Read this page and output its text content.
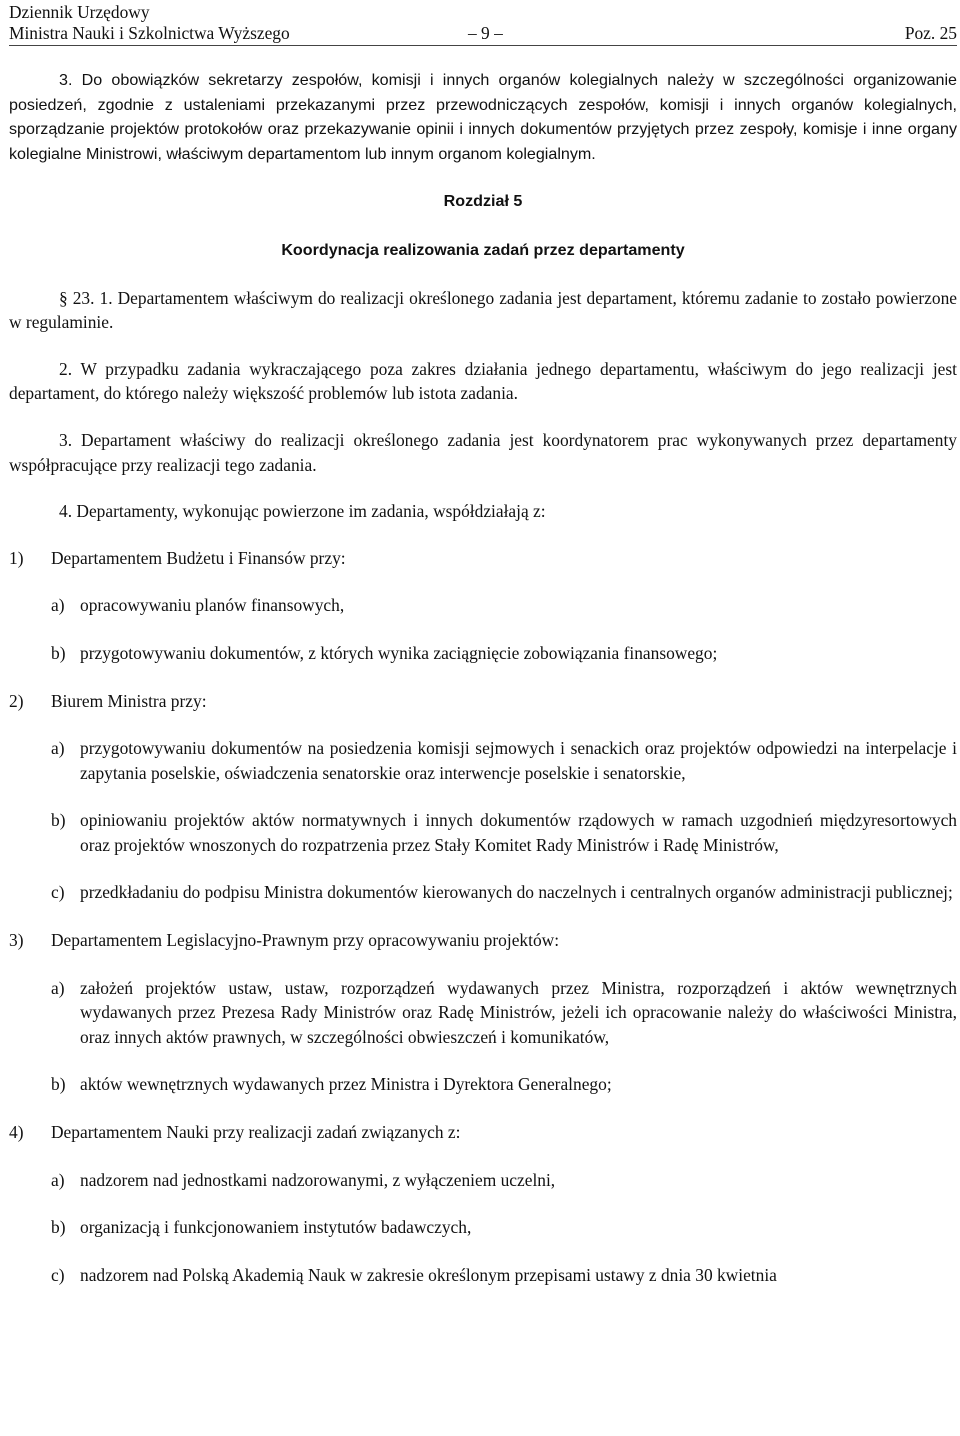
Dziennik Urzędowy
Ministra Nauki i Szkolnictwa Wyższego	– 9 –	Poz. 25

3. Do obowiązków sekretarzy zespołów, komisji i innych organów kolegialnych należy w szczególności organizowanie posiedzeń, zgodnie z ustaleniami przekazanymi przez przewodniczących zespołów, komisji i innych organów kolegialnych, sporządzanie projektów protokołów oraz przekazywanie opinii i innych dokumentów przyjętych przez zespoły, komisje i inne organy kolegialne Ministrowi, właściwym departamentom lub innym organom kolegialnym.

Rozdział 5

Koordynacja realizowania zadań przez departamenty

§ 23. 1. Departamentem właściwym do realizacji określonego zadania jest departament, któremu zadanie to zostało powierzone w regulaminie.

2. W przypadku zadania wykraczającego poza zakres działania jednego departamentu, właściwym do jego realizacji jest departament, do którego należy większość problemów lub istota zadania.

3. Departament właściwy do realizacji określonego zadania jest koordynatorem prac wykonywanych przez departamenty współpracujące przy realizacji tego zadania.

4. Departamenty, wykonując powierzone im zadania, współdziałają z:

1) Departamentem Budżetu i Finansów przy:

a) opracowywaniu planów finansowych,

b) przygotowywaniu dokumentów, z których wynika zaciągnięcie zobowiązania finansowego;

2) Biurem Ministra przy:

a) przygotowywaniu dokumentów na posiedzenia komisji sejmowych i senackich oraz projektów odpowiedzi na interpelacje i zapytania poselskie, oświadczenia senatorskie oraz interwencje poselskie i senatorskie,

b) opiniowaniu projektów aktów normatywnych i innych dokumentów rządowych w ramach uzgodnień międzyresortowych oraz projektów wnoszonych do rozpatrzenia przez Stały Komitet Rady Ministrów i Radę Ministrów,

c) przedkładaniu do podpisu Ministra dokumentów kierowanych do naczelnych i centralnych organów administracji publicznej;

3) Departamentem Legislacyjno-Prawnym przy opracowywaniu projektów:

a) założeń projektów ustaw, ustaw, rozporządzeń wydawanych przez Ministra, rozporządzeń i aktów wewnętrznych wydawanych przez Prezesa Rady Ministrów oraz Radę Ministrów, jeżeli ich opracowanie należy do właściwości Ministra, oraz innych aktów prawnych, w szczególności obwieszczeń i komunikatów,

b) aktów wewnętrznych wydawanych przez Ministra i Dyrektora Generalnego;

4) Departamentem Nauki przy realizacji zadań związanych z:

a) nadzorem nad jednostkami nadzorowanymi, z wyłączeniem uczelni,

b) organizacją i funkcjonowaniem instytutów badawczych,

c) nadzorem nad Polską Akademią Nauk w zakresie określonym przepisami ustawy z dnia 30 kwietnia
